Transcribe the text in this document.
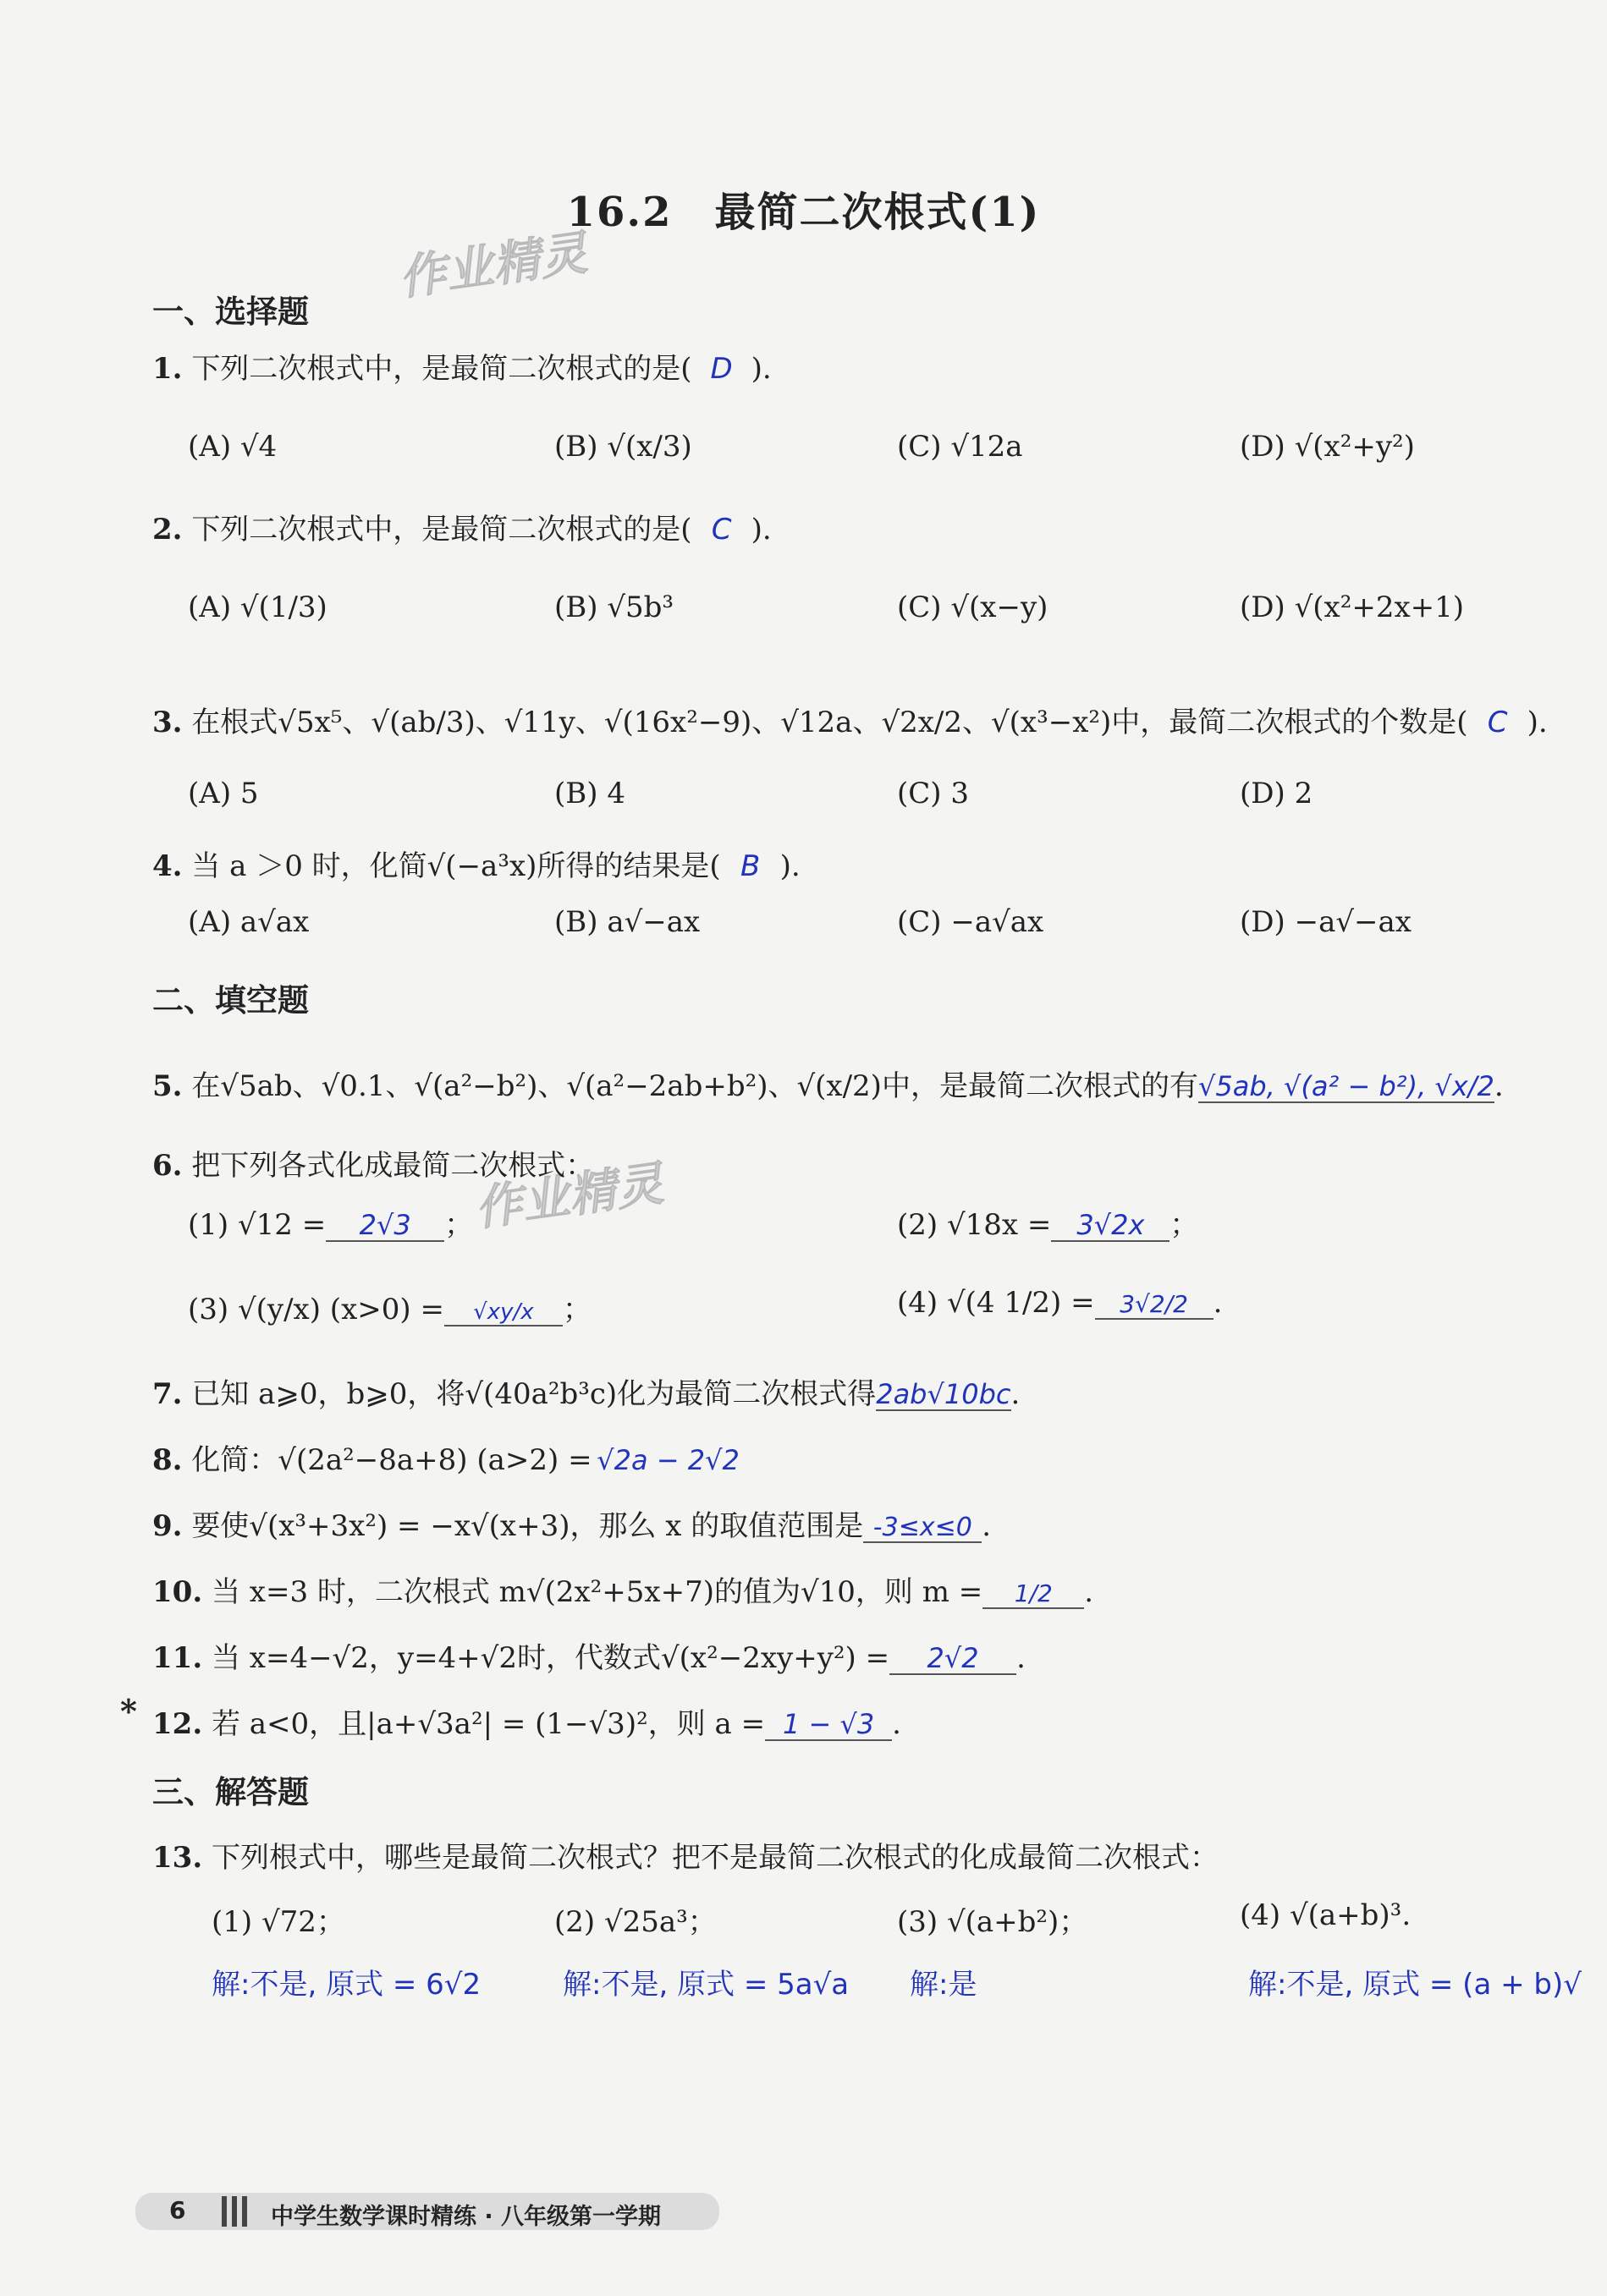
16.2　最简二次根式(1)
作业精灵
作业精灵
一、选择题
1. 下列二次根式中，是最简二次根式的是( D ).
(A) √4	(B) √(x/3)	(C) √12a	(D) √(x²+y²)
2. 下列二次根式中，是最简二次根式的是( C ).
(A) √(1/3)	(B) √5b³	(C) √(x−y)	(D) √(x²+2x+1)
3. 在根式√5x⁵、√(ab/3)、√11y、√(16x²−9)、√12a、√2x/2、√(x³−x²)中，最简二次根式的个数是( C ).
(A) 5	(B) 4	(C) 3	(D) 2
4. 当 a ＞0 时，化简√(−a³x)所得的结果是( B ).
(A) a√ax	(B) a√−ax	(C) −a√ax	(D) −a√−ax
二、填空题
5. 在√5ab、√0.1、√(a²−b²)、√(a²−2ab+b²)、√(x/2)中，是最简二次根式的有√5ab, √(a² − b²), √x/2.
6. 把下列各式化成最简二次根式：
(1) √12 = 2√3 ；	(2) √18x = 3√2x ；
(3) √(y/x) (x>0) = √xy/x ；	(4) √(4 1/2) = 3√2/2 .
7. 已知 a⩾0，b⩾0，将√(40a²b³c)化为最简二次根式得2ab√10bc.
8. 化简：√(2a²−8a+8) (a>2) = √2a − 2√2
9. 要使√(x³+3x²) = −x√(x+3)，那么 x 的取值范围是 -3≤x≤0 .
10. 当 x=3 时，二次根式 m√(2x²+5x+7)的值为√10，则 m = 1/2 .
11. 当 x=4−√2，y=4+√2时，代数式√(x²−2xy+y²) = 2√2 .
* 12. 若 a<0，且|a+√3a²| = (1−√3)²，则 a = 1 − √3 .
三、解答题
13. 下列根式中，哪些是最简二次根式？把不是最简二次根式的化成最简二次根式：
(1) √72；	(2) √25a³；	(3) √(a+b²)；	(4) √(a+b)³.
解:不是, 原式 = 6√2	解:不是, 原式 = 5a√a 解:是	解:不是, 原式 = (a + b)√
6	中学生数学课时精练 · 八年级第一学期
